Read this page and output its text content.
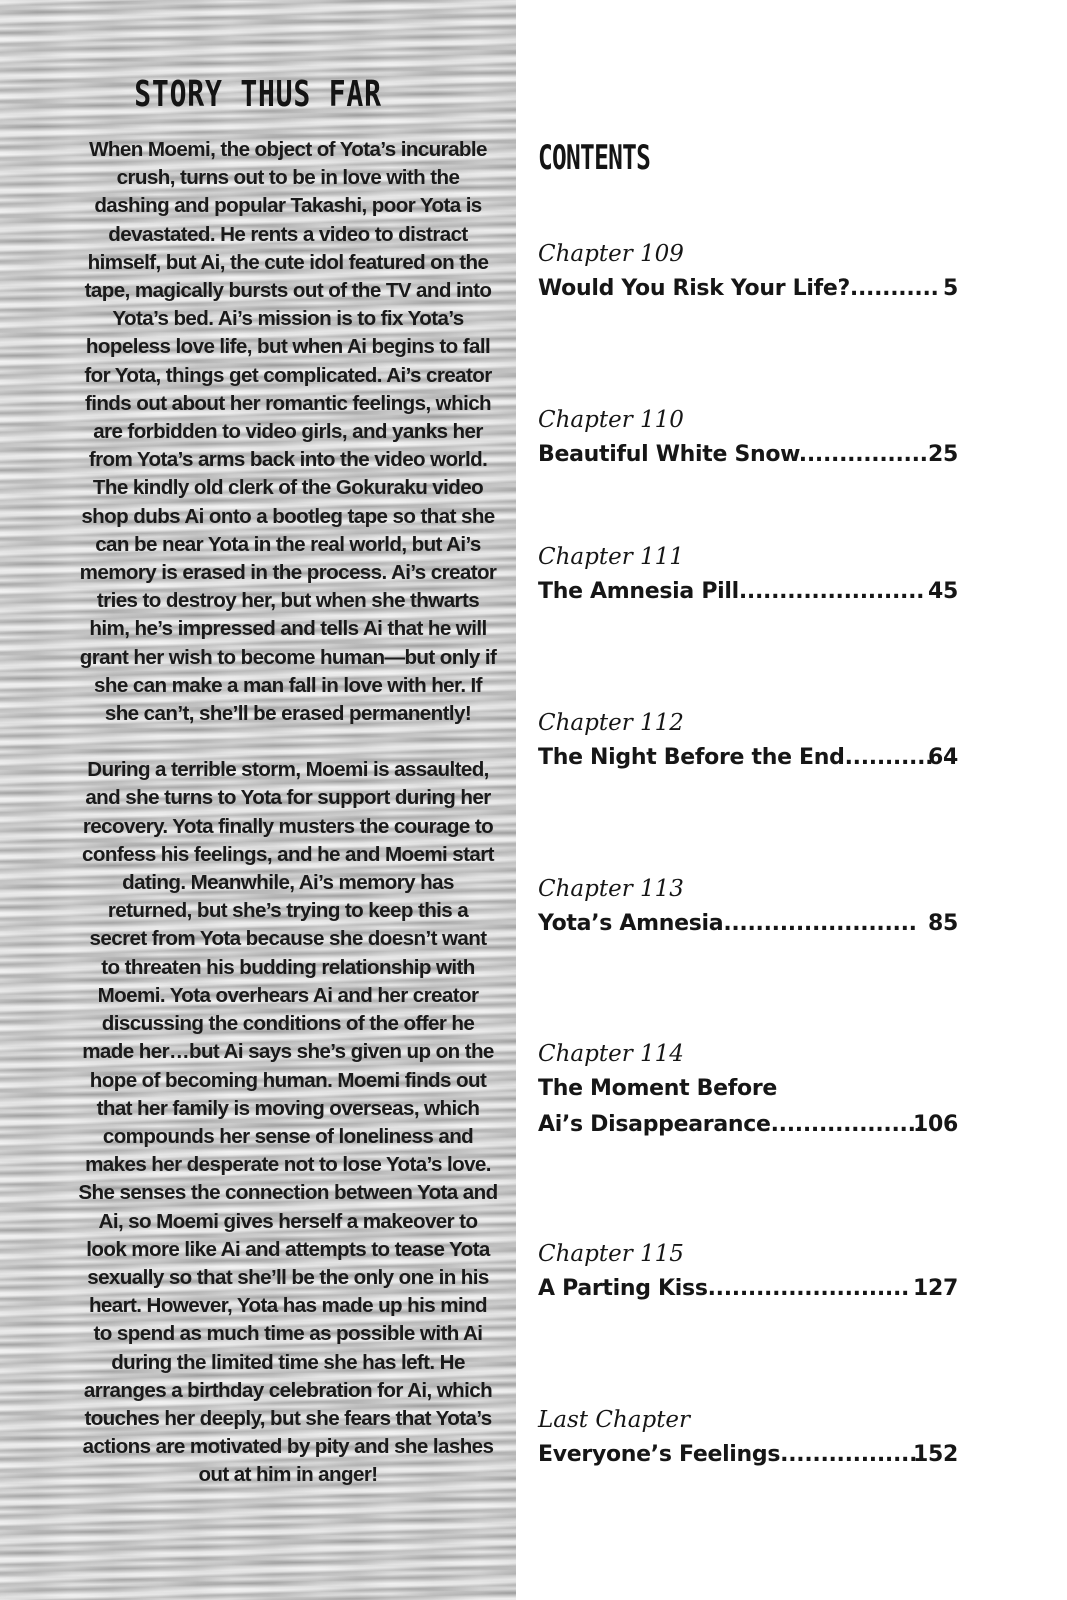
STORY THUS FAR

When Moemi, the object of Yota’s incurable crush, turns out to be in love with the dashing and popular Takashi, poor Yota is devastated. He rents a video to distract himself, but Ai, the cute idol featured on the tape, magically bursts out of the TV and into Yota’s bed. Ai’s mission is to fix Yota’s hopeless love life, but when Ai begins to fall for Yota, things get complicated. Ai’s creator finds out about her romantic feelings, which are forbidden to video girls, and yanks her from Yota’s arms back into the video world. The kindly old clerk of the Gokuraku video shop dubs Ai onto a bootleg tape so that she can be near Yota in the real world, but Ai’s memory is erased in the process. Ai’s creator tries to destroy her, but when she thwarts him, he’s impressed and tells Ai that he will grant her wish to become human—but only if she can make a man fall in love with her. If she can’t, she’ll be erased permanently!

During a terrible storm, Moemi is assaulted, and she turns to Yota for support during her recovery. Yota finally musters the courage to confess his feelings, and he and Moemi start dating. Meanwhile, Ai’s memory has returned, but she’s trying to keep this a secret from Yota because she doesn’t want to threaten his budding relationship with Moemi. Yota overhears Ai and her creator discussing the conditions of the offer he made her…but Ai says she’s given up on the hope of becoming human. Moemi finds out that her family is moving overseas, which compounds her sense of loneliness and makes her desperate not to lose Yota’s love. She senses the connection between Yota and Ai, so Moemi gives herself a makeover to look more like Ai and attempts to tease Yota sexually so that she’ll be the only one in his heart. However, Yota has made up his mind to spend as much time as possible with Ai during the limited time she has left. He arranges a birthday celebration for Ai, which touches her deeply, but she fears that Yota’s actions are motivated by pity and she lashes out at him in anger!

CONTENTS
Chapter 109
Would You Risk Your Life?........... 5
Chapter 110
Beautiful White Snow................ 25
Chapter 111
The Amnesia Pill....................... 45
Chapter 112
The Night Before the End...........
64
Chapter 113
Yota’s Amnesia........................ 85
Chapter 114
The Moment Before
Ai’s Disappearance...................
106
Chapter 115
A Parting Kiss......................... 127
Last Chapter
Everyone’s Feelings..................
152
